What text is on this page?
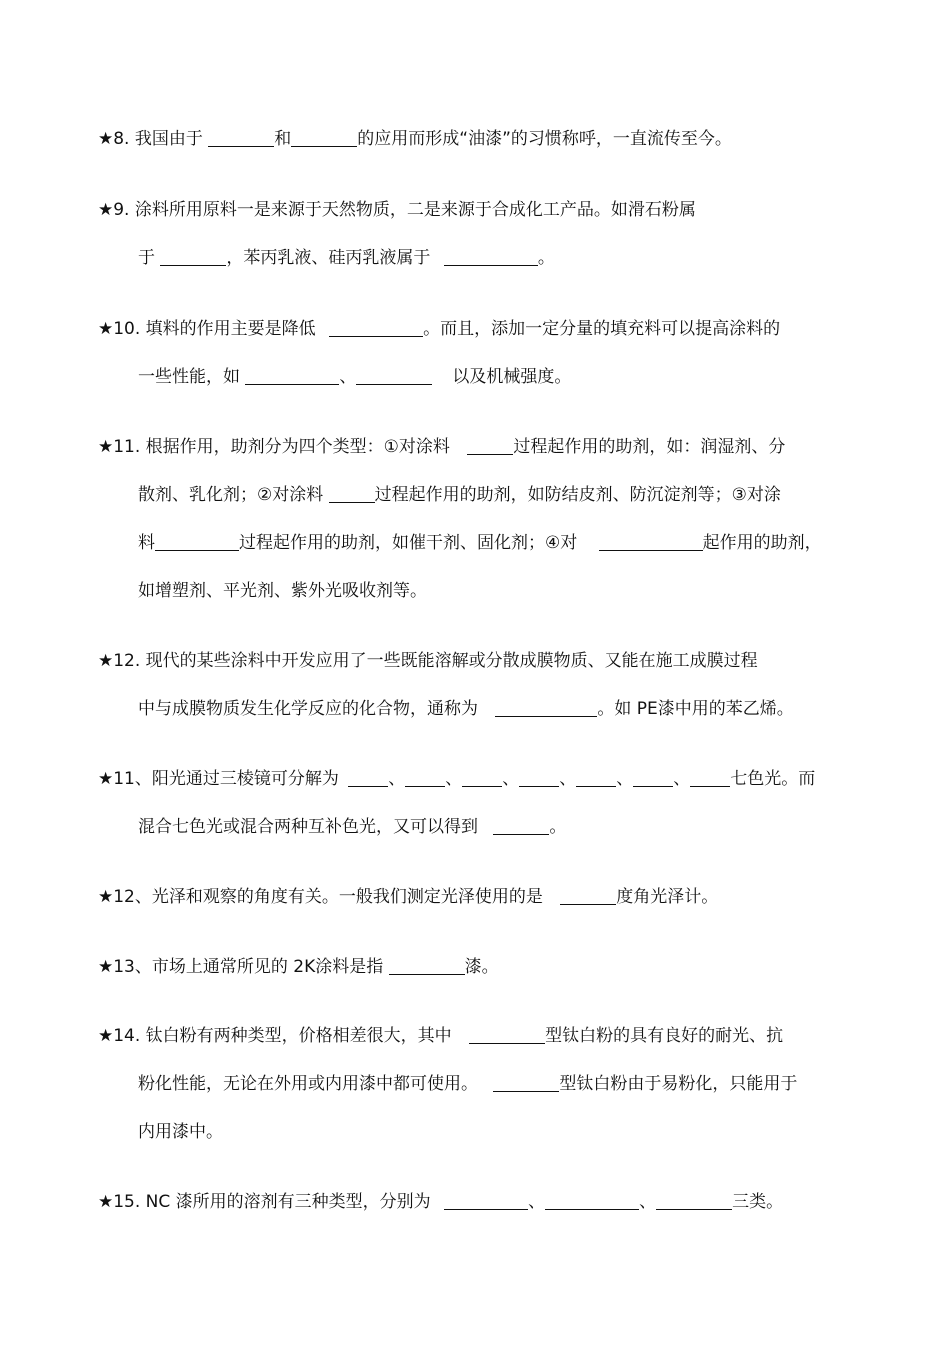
★8. 我国由于	和	的应用而形成“油漆”的习惯称呼，一直流传至今。
★9. 涂料所用原料一是来源于天然物质，二是来源于合成化工产品。如滑石粉属
于	，苯丙乳液、硅丙乳液属于	。
★10. 填料的作用主要是降低	。而且，添加一定分量的填充料可以提高涂料的
一些性能，如	、	以及机械强度。
★11. 根据作用，助剂分为四个类型：①对涂料	过程起作用的助剂，如：润湿剂、分
散剂、乳化剂；②对涂料	过程起作用的助剂，如防结皮剂、防沉淀剂等；③对涂
料	过程起作用的助剂，如催干剂、固化剂；④对	起作用的助剂，
如增塑剂、平光剂、紫外光吸收剂等。
★12. 现代的某些涂料中开发应用了一些既能溶解或分散成膜物质、又能在施工成膜过程
中与成膜物质发生化学反应的化合物，通称为	。如 PE漆中用的苯乙烯。
★11、阳光通过三棱镜可分解为	、 、 、 、 、 、 七色光。而
混合七色光或混合两种互补色光，又可以得到	。
★12、光泽和观察的角度有关。一般我们测定光泽使用的是	度角光泽计。
★13、市场上通常所见的 2K涂料是指	漆。
★14. 钛白粉有两种类型，价格相差很大，其中	型钛白粉的具有良好的耐光、抗
粉化性能，无论在外用或内用漆中都可使用。	型钛白粉由于易粉化，只能用于
内用漆中。
★15. NC 漆所用的溶剂有三种类型，分别为	、	、	三类。
